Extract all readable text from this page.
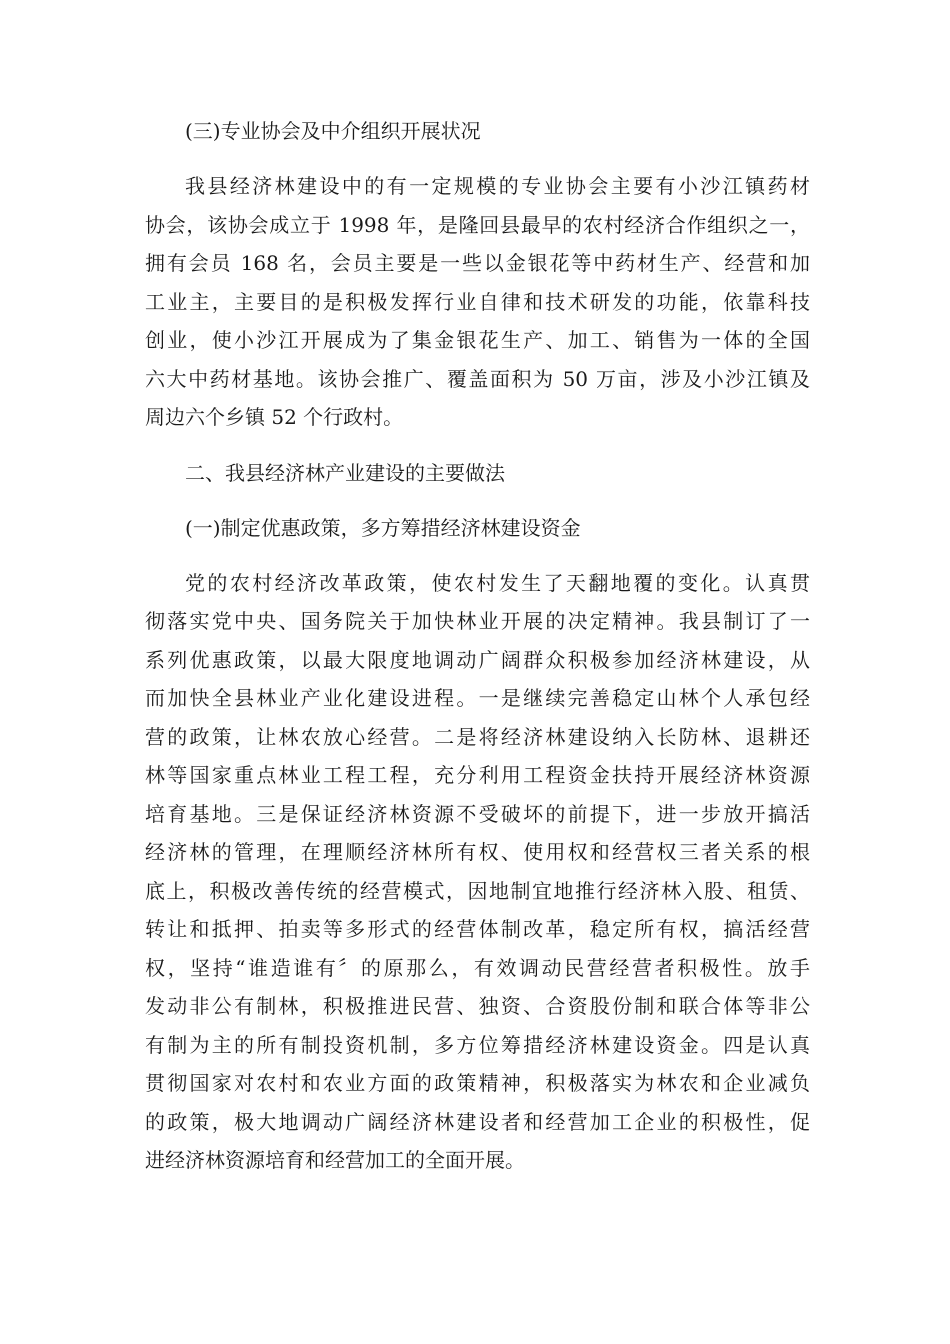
(三)专业协会及中介组织开展状况

我县经济林建设中的有一定规模的专业协会主要有小沙江镇药材
协会，该协会成立于 1998 年，是隆回县最早的农村经济合作组织之一，
拥有会员 168 名，会员主要是一些以金银花等中药材生产、经营和加
工业主，主要目的是积极发挥行业自律和技术研发的功能，依靠科技
创业，使小沙江开展成为了集金银花生产、加工、销售为一体的全国
六大中药材基地。该协会推广、覆盖面积为 50 万亩，涉及小沙江镇及
周边六个乡镇 52 个行政村。

二、我县经济林产业建设的主要做法

(一)制定优惠政策，多方筹措经济林建设资金

党的农村经济改革政策，使农村发生了天翻地覆的变化。认真贯
彻落实党中央、国务院关于加快林业开展的决定精神。我县制订了一
系列优惠政策，以最大限度地调动广阔群众积极参加经济林建设，从
而加快全县林业产业化建设进程。一是继续完善稳定山林个人承包经
营的政策，让林农放心经营。二是将经济林建设纳入长防林、退耕还
林等国家重点林业工程工程，充分利用工程资金扶持开展经济林资源
培育基地。三是保证经济林资源不受破坏的前提下，进一步放开搞活
经济林的管理，在理顺经济林所有权、使用权和经营权三者关系的根
底上，积极改善传统的经营模式，因地制宜地推行经济林入股、租赁、
转让和抵押、拍卖等多形式的经营体制改革，稳定所有权，搞活经营
权，坚持“谁造谁有〞的原那么，有效调动民营经营者积极性。放手
发动非公有制林，积极推进民营、独资、合资股份制和联合体等非公
有制为主的所有制投资机制，多方位筹措经济林建设资金。四是认真
贯彻国家对农村和农业方面的政策精神，积极落实为林农和企业减负
的政策，极大地调动广阔经济林建设者和经营加工企业的积极性，促
进经济林资源培育和经营加工的全面开展。
